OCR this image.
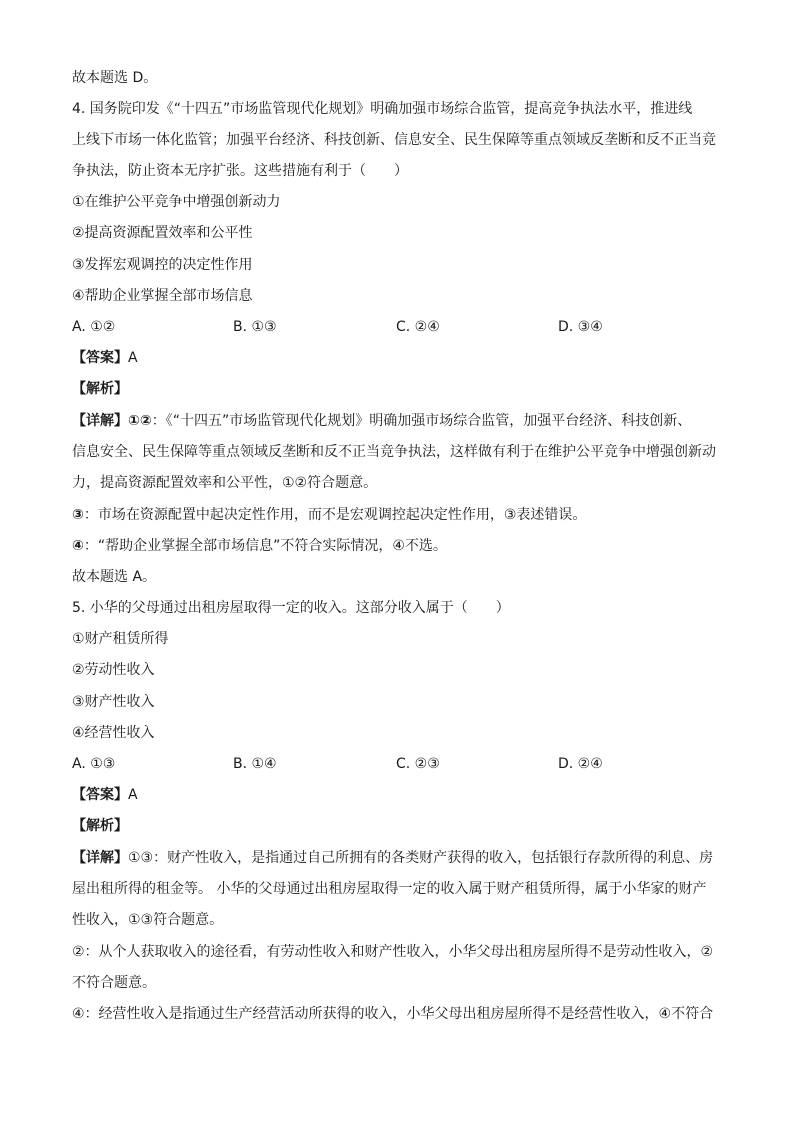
故本题选 D。
4. 国务院印发《“十四五”市场监管现代化规划》明确加强市场综合监管，提高竞争执法水平，推进线
上线下市场一体化监管；加强平台经济、科技创新、信息安全、民生保障等重点领域反垄断和反不正当竞
争执法，防止资本无序扩张。这些措施有利于（　　）
①在维护公平竞争中增强创新动力
②提高资源配置效率和公平性
③发挥宏观调控的决定性作用
④帮助企业掌握全部市场信息
A. ①②	B. ①③	C. ②④	D. ③④
【答案】A
【解析】
【详解】①②：《“十四五”市场监管现代化规划》明确加强市场综合监管，加强平台经济、科技创新、
信息安全、民生保障等重点领域反垄断和反不正当竞争执法，这样做有利于在维护公平竞争中增强创新动
力，提高资源配置效率和公平性，①②符合题意。
③：市场在资源配置中起决定性作用，而不是宏观调控起决定性作用，③表述错误。
④：“帮助企业掌握全部市场信息”不符合实际情况，④不选。
故本题选 A。
5. 小华的父母通过出租房屋取得一定的收入。这部分收入属于（　　）
①财产租赁所得
②劳动性收入
③财产性收入
④经营性收入
A. ①③	B. ①④	C. ②③	D. ②④
【答案】A
【解析】
【详解】①③：财产性收入，是指通过自己所拥有的各类财产获得的收入，包括银行存款所得的利息、房
屋出租所得的租金等。 小华的父母通过出租房屋取得一定的收入属于财产租赁所得，属于小华家的财产
性收入，①③符合题意。
②：从个人获取收入的途径看，有劳动性收入和财产性收入，小华父母出租房屋所得不是劳动性收入，②
不符合题意。
④：经营性收入是指通过生产经营活动所获得的收入，小华父母出租房屋所得不是经营性收入，④不符合
